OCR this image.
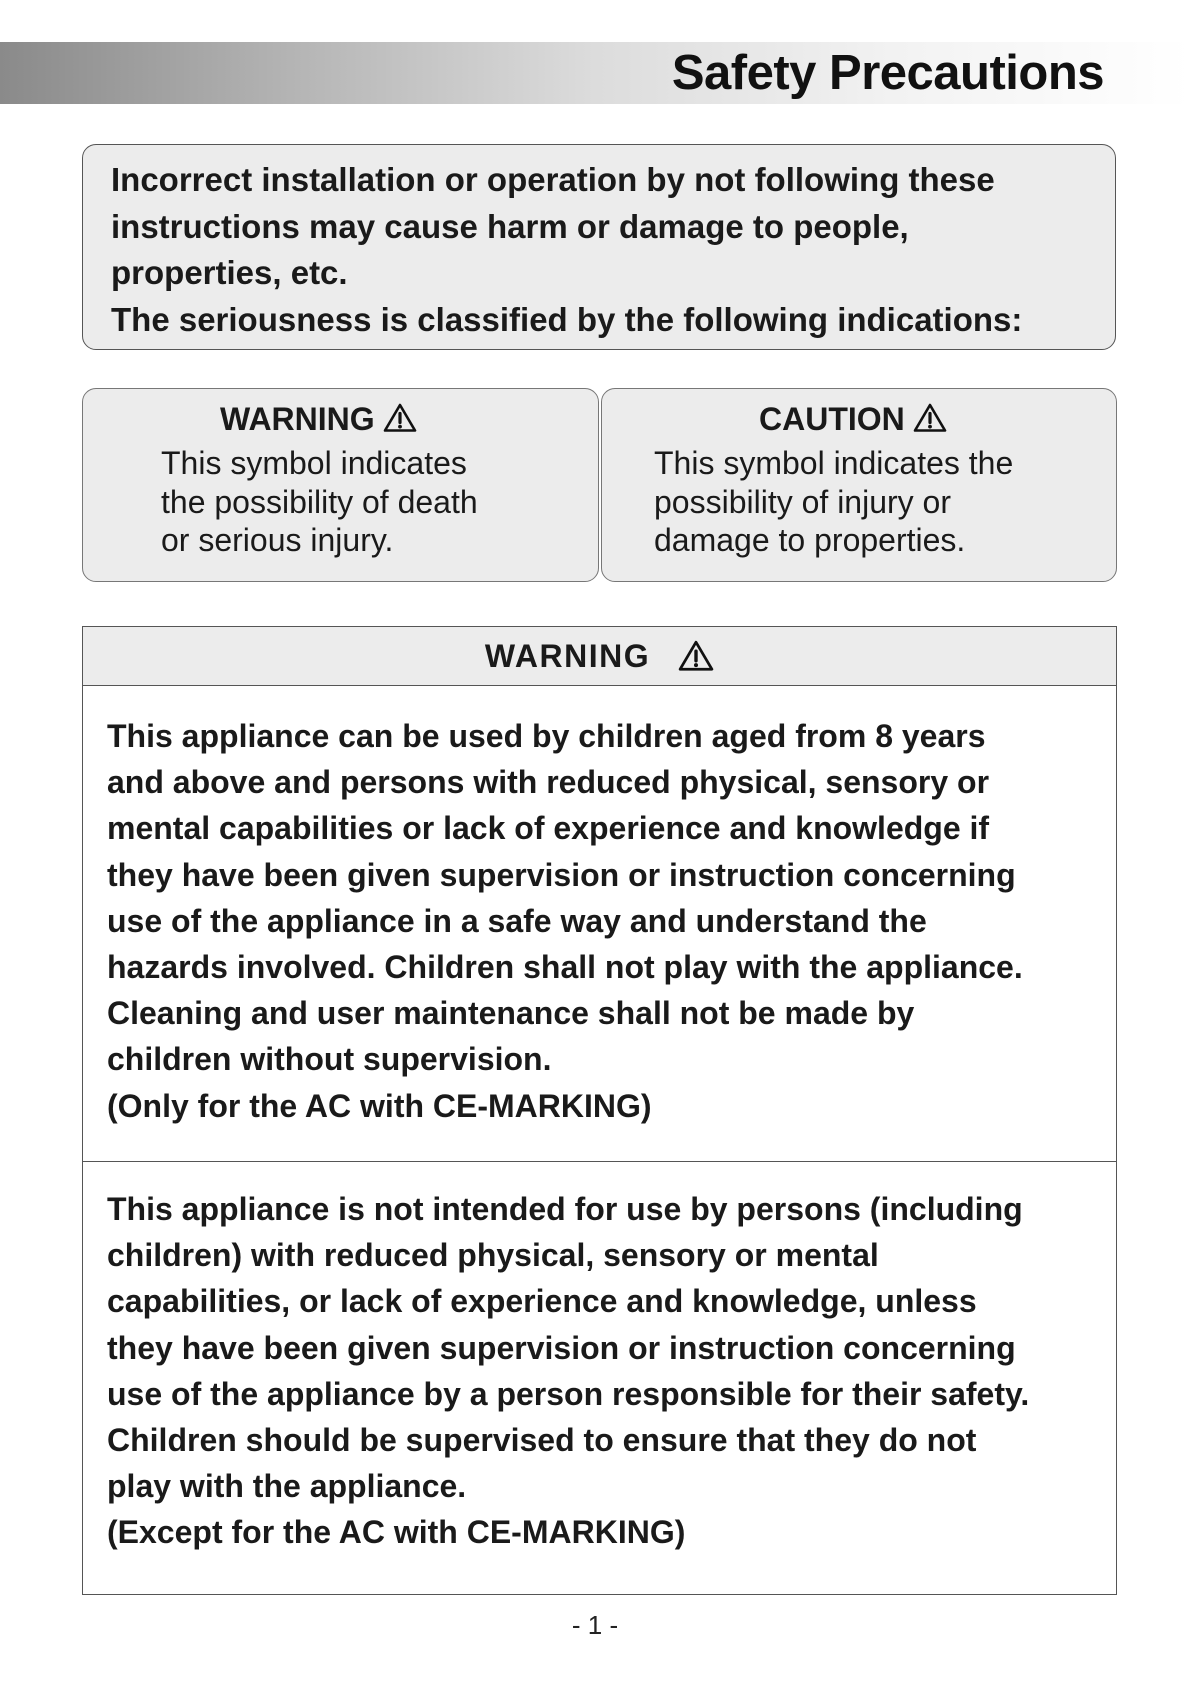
Safety Precautions
Incorrect installation or operation by not following these
instructions may cause harm or damage to people,
properties, etc.
The seriousness is classified by the following indications:
WARNING
This symbol indicates
the possibility of death
or serious injury.
CAUTION
This symbol indicates the
possibility of injury or
damage to properties.
WARNING
This appliance can be used by children aged from 8 years
and above and persons with reduced physical, sensory or
mental capabilities or lack of experience and knowledge if
they have been given supervision or instruction concerning
use of the appliance in a safe way and understand the
hazards involved. Children shall not play with the appliance.
Cleaning and user maintenance shall not be made by
children without supervision.
(Only for the AC with CE-MARKING)
This appliance is not intended for use by persons (including
children) with reduced physical, sensory or mental
capabilities, or lack of experience and knowledge, unless
they have been given supervision or instruction concerning
use of the appliance by a person responsible for their safety.
Children should be supervised to ensure that they do not
play with the appliance.
(Except for the AC with CE-MARKING)
- 1 -
